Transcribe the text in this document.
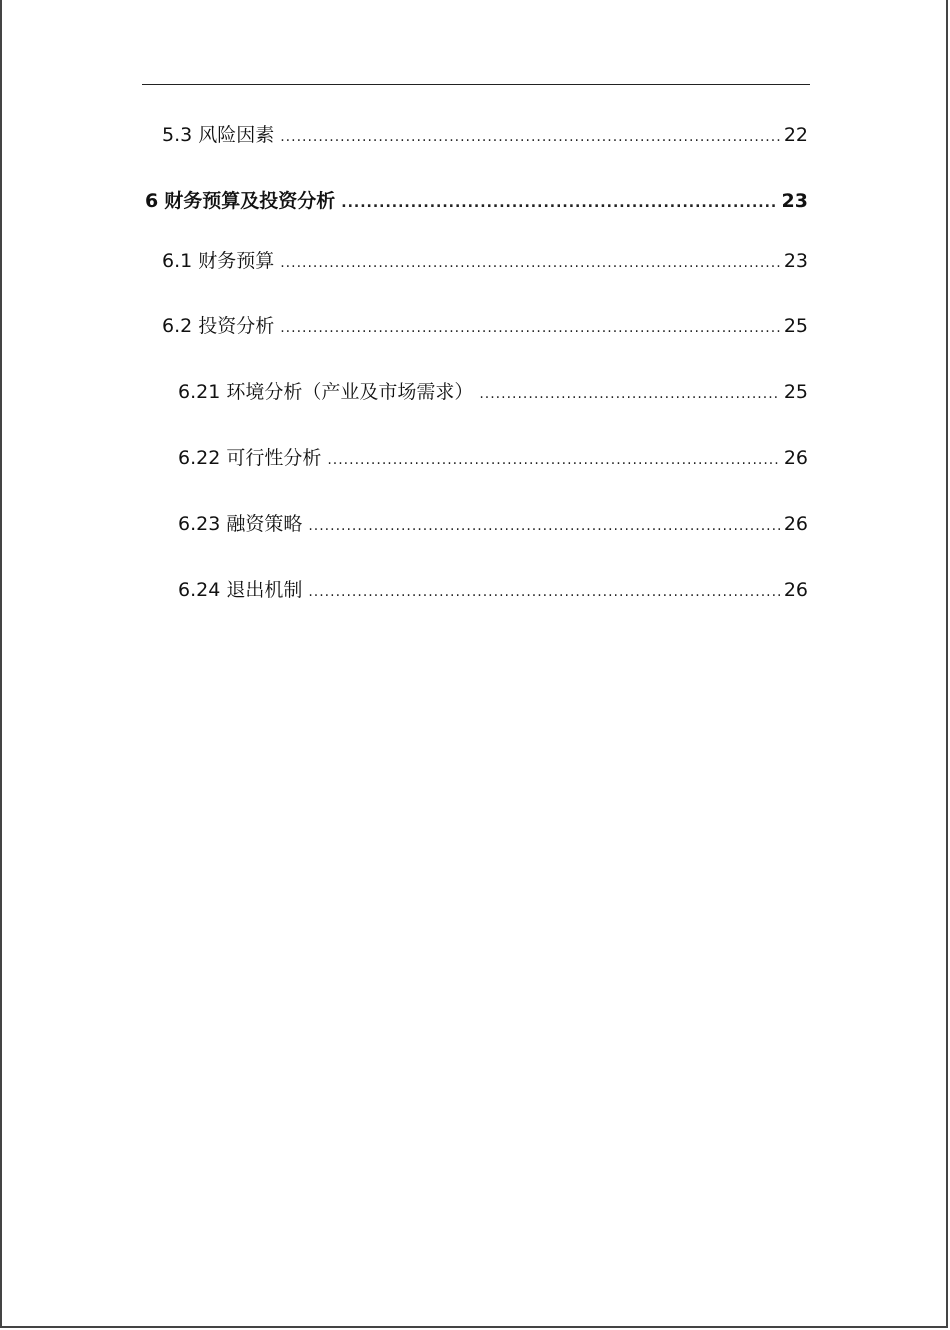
5.3 风险因素 .....	22
6 财务预算及投资分析 .....	23
6.1 财务预算 .....	23
6.2 投资分析 .....	25
6.21 环境分析（产业及市场需求） .....	25
6.22 可行性分析 .....	26
6.23 融资策略 .....	26
6.24 退出机制 .....	26
